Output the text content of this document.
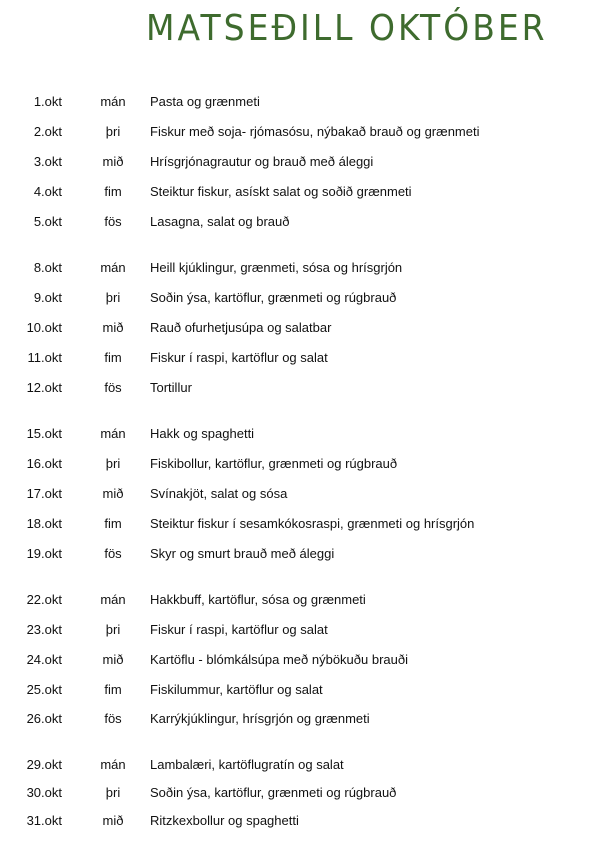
MATSEÐILL OKTÓBER
1.okt	mán	Pasta og grænmeti
2.okt	þri	Fiskur með soja- rjómasósu, nýbakað brauð og grænmeti
3.okt	mið	Hrísgrjónagrautur og brauð með áleggi
4.okt	fim	Steiktur fiskur, asískt salat og soðið grænmeti
5.okt	fös	Lasagna, salat og brauð
8.okt	mán	Heill kjúklingur, grænmeti, sósa og hrísgrjón
9.okt	þri	Soðin ýsa, kartöflur, grænmeti og rúgbrauð
10.okt	mið	Rauð ofurhetjusúpa og salatbar
11.okt	fim	Fiskur í raspi, kartöflur og salat
12.okt	fös	Tortillur
15.okt	mán	Hakk og spaghetti
16.okt	þri	Fiskibollur, kartöflur, grænmeti og rúgbrauð
17.okt	mið	Svínakjöt, salat og sósa
18.okt	fim	Steiktur fiskur í sesamkókosraspi, grænmeti og hrísgrjón
19.okt	fös	Skyr og smurt brauð með áleggi
22.okt	mán	Hakkbuff, kartöflur, sósa og grænmeti
23.okt	þri	Fiskur í raspi, kartöflur og salat
24.okt	mið	Kartöflu - blómkálsúpa með nýbökuðu brauði
25.okt	fim	Fiskilummur, kartöflur og salat
26.okt	fös	Karrýkjúklingur, hrísgrjón og grænmeti
29.okt	mán	Lambalæri, kartöflugratín og salat
30.okt	þri	Soðin ýsa, kartöflur, grænmeti og rúgbrauð
31.okt	mið	Ritzkexbollur og spaghetti
